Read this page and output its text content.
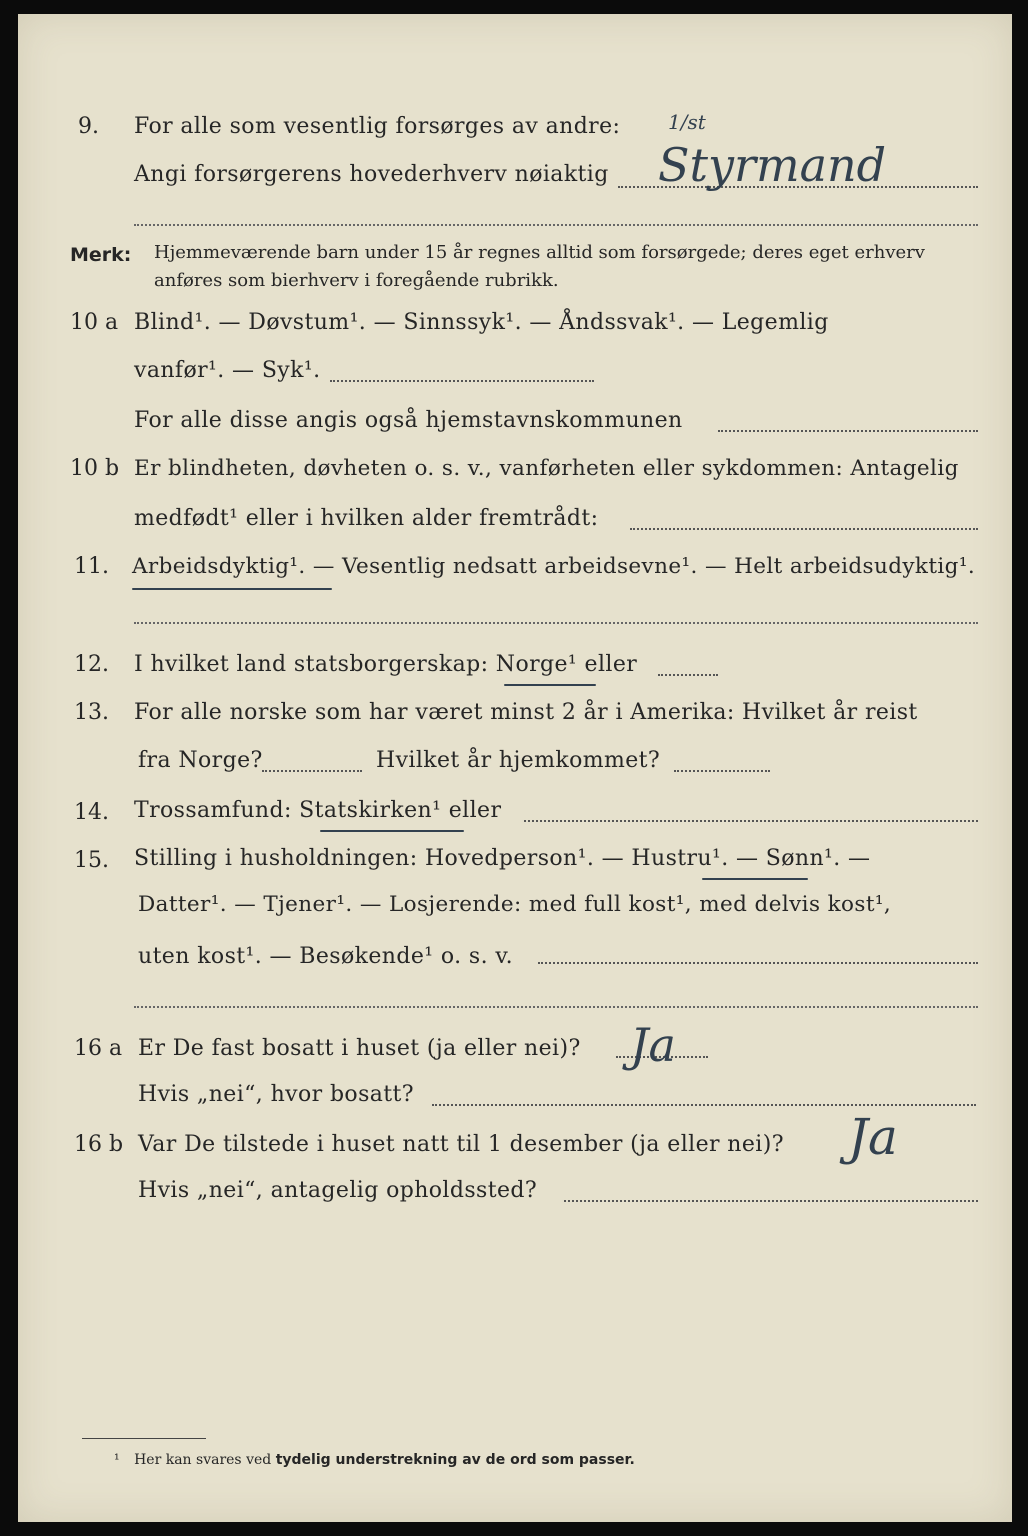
9. For alle som vesentlig forsørges av andre: 1/st
Angi forsørgerens hovederhverv nøiaktig Styrmand
Merk: Hjemmeværende barn under 15 år regnes alltid som forsørgede; deres eget erhverv
anføres som bierhverv i foregående rubrikk.
10 a Blind¹. — Døvstum¹. — Sinnssyk¹. — Åndssvak¹. — Legemlig
vanfør¹. — Syk¹.
For alle disse angis også hjemstavnskommunen
10 b Er blindheten, døvheten o. s. v., vanførheten eller sykdommen: Antagelig
medfødt¹ eller i hvilken alder fremtrådt:
11. Arbeidsdyktig¹. — Vesentlig nedsatt arbeidsevne¹. — Helt arbeidsudyktig¹.
12. I hvilket land statsborgerskap: Norge¹ eller
13. For alle norske som har været minst 2 år i Amerika: Hvilket år reist
fra Norge?	Hvilket år hjemkommet?
14. Trossamfund: Statskirken¹ eller
15. Stilling i husholdningen: Hovedperson¹. — Hustru¹. — Sønn¹. —
Datter¹. — Tjener¹. — Losjerende: med full kost¹, med delvis kost¹,
uten kost¹. — Besøkende¹ o. s. v.
16 a Er De fast bosatt i huset (ja eller nei)? Ja
Hvis „nei“, hvor bosatt?
16 b Var De tilstede i huset natt til 1 desember (ja eller nei)? Ja
Hvis „nei“, antagelig opholdssted?
¹ Her kan svares ved tydelig understrekning av de ord som passer.
